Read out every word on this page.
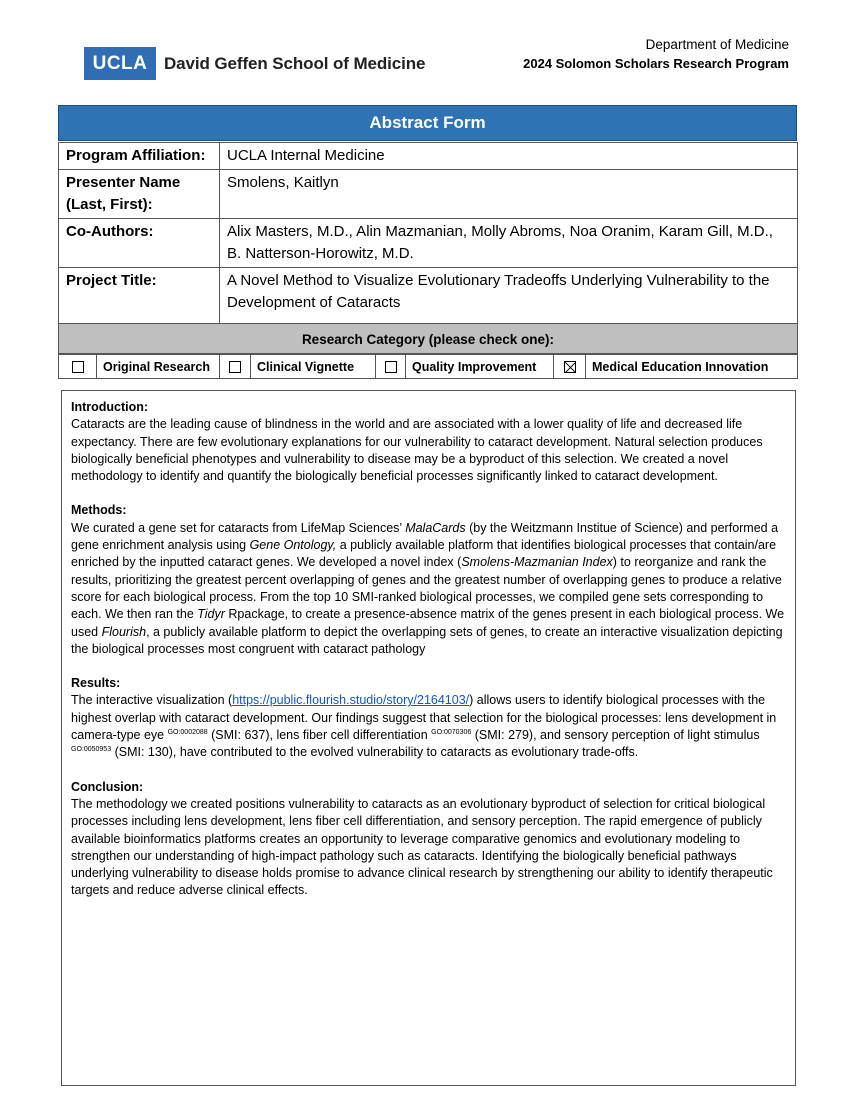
UCLA David Geffen School of Medicine
Department of Medicine
2024 Solomon Scholars Research Program
Abstract Form
Program Affiliation:	UCLA Internal Medicine
Presenter Name (Last, First):	Smolens, Kaitlyn
Co-Authors:	Alix Masters, M.D., Alin Mazmanian, Molly Abroms, Noa Oranim, Karam Gill, M.D., B. Natterson-Horowitz, M.D.
Project Title:	A Novel Method to Visualize Evolutionary Tradeoffs Underlying Vulnerability to the Development of Cataracts
Research Category (please check one):
	Original Research		Clinical Vignette		Quality Improvement		Medical Education Innovation
Introduction:

Cataracts are the leading cause of blindness in the world and are associated with a lower quality of life and decreased life expectancy. There are few evolutionary explanations for our vulnerability to cataract development. Natural selection produces biologically beneficial phenotypes and vulnerability to disease may be a byproduct of this selection. We created a novel methodology to identify and quantify the biologically beneficial processes significantly linked to cataract development.

Methods:

We curated a gene set for cataracts from LifeMap Sciences’ MalaCards (by the Weitzmann Institue of Science) and performed a gene enrichment analysis using Gene Ontology, a publicly available platform that identifies biological processes that contain/are enriched by the inputted cataract genes. We developed a novel index (Smolens-Mazmanian Index) to reorganize and rank the results, prioritizing the greatest percent overlapping of genes and the greatest number of overlapping genes to produce a relative score for each biological process. From the top 10 SMI-ranked biological processes, we compiled gene sets corresponding to each. We then ran the Tidyr Rpackage, to create a presence-absence matrix of the genes present in each biological process. We used Flourish, a publicly available platform to depict the overlapping sets of genes, to create an interactive visualization depicting the biological processes most congruent with cataract pathology

Results:

The interactive visualization (https://public.flourish.studio/story/2164103/) allows users to identify biological processes with the highest overlap with cataract development. Our findings suggest that selection for the biological processes: lens development in camera-type eye $^{GO:0002088}$ (SMI: 637), lens fiber cell differentiation $^{GO:0070306}$ (SMI: 279), and sensory perception of light stimulus $^{GO:0050953}$ (SMI: 130), have contributed to the evolved vulnerability to cataracts as evolutionary trade-offs.

Conclusion:

The methodology we created positions vulnerability to cataracts as an evolutionary byproduct of selection for critical biological processes including lens development, lens fiber cell differentiation, and sensory perception. The rapid emergence of publicly available bioinformatics platforms creates an opportunity to leverage comparative genomics and evolutionary modeling to strengthen our understanding of high-impact pathology such as cataracts. Identifying the biologically beneficial pathways underlying vulnerability to disease holds promise to advance clinical research by strengthening our ability to identify therapeutic targets and reduce adverse clinical effects.
